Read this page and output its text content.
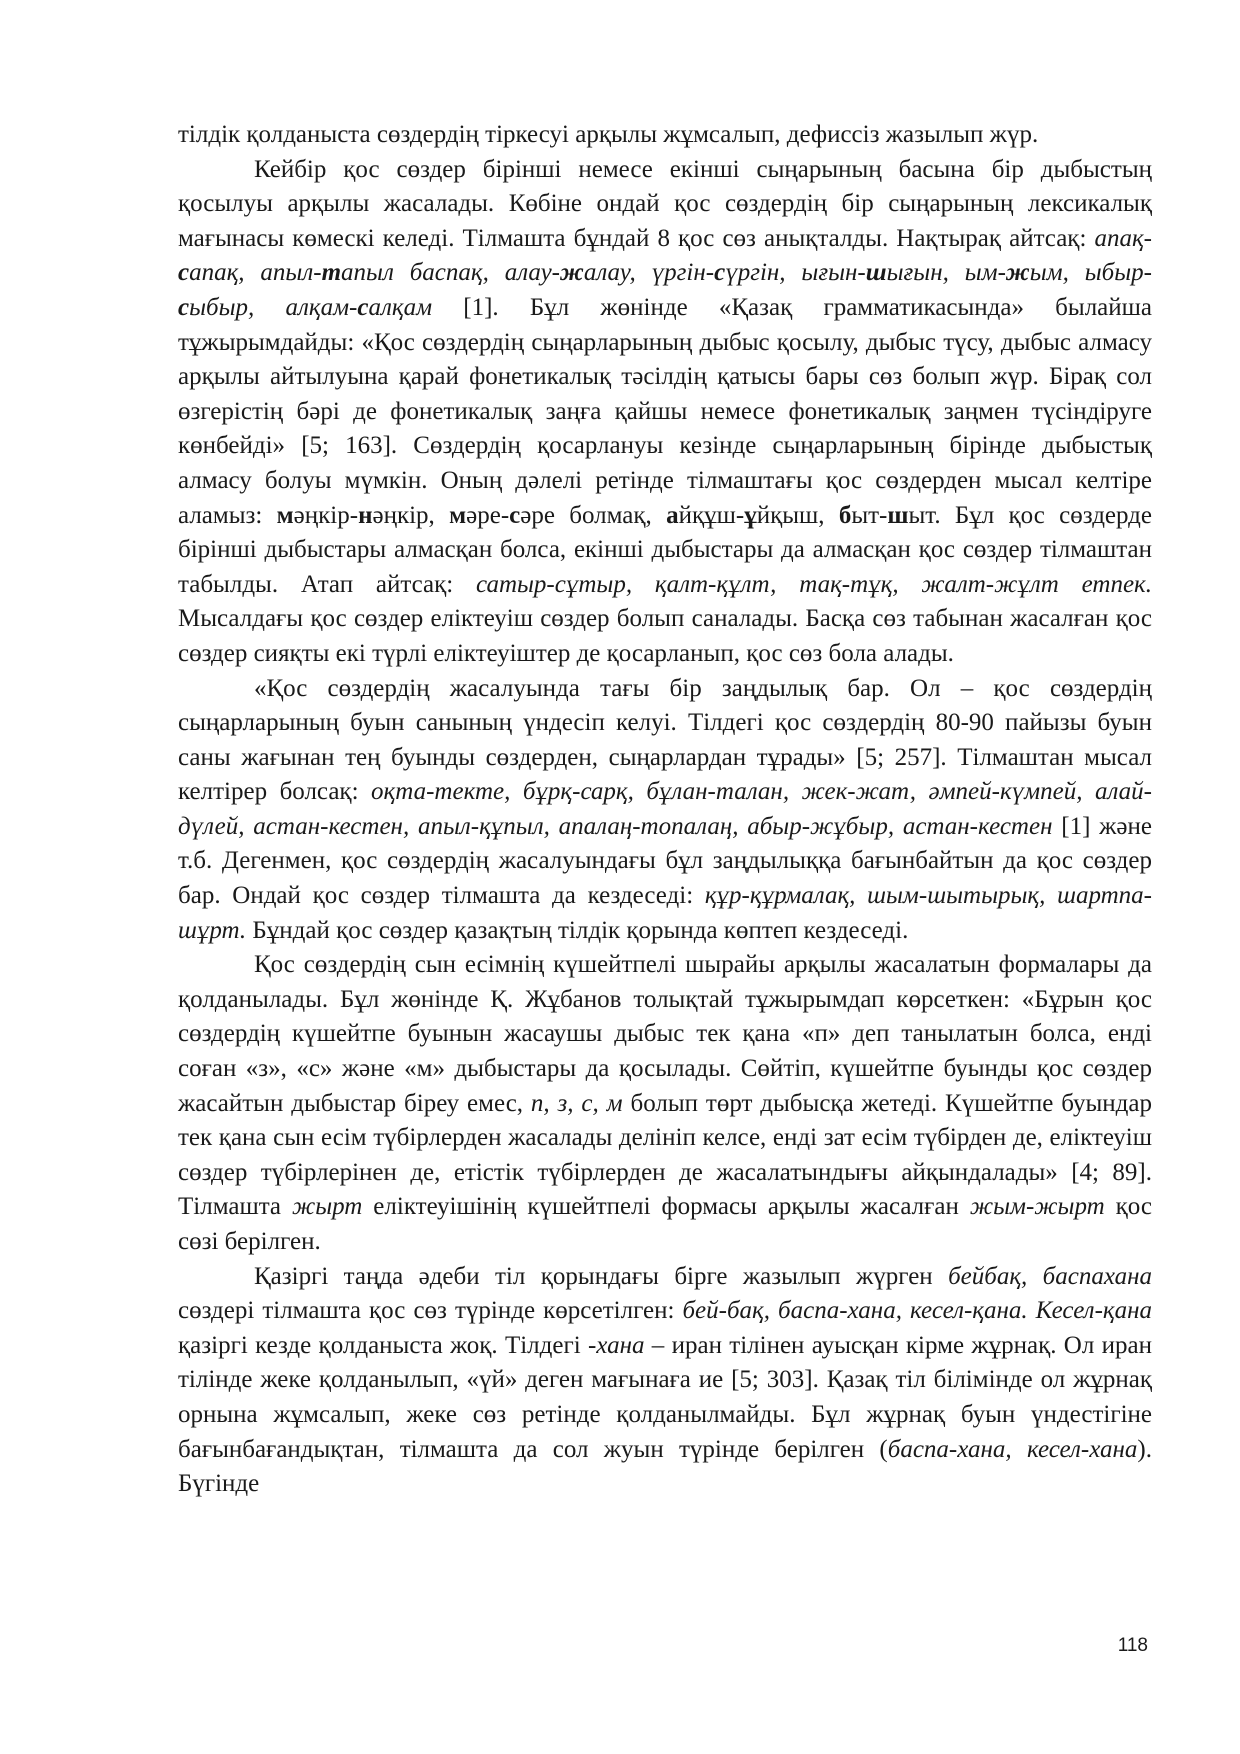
тілдік қолданыста сөздердің тіркесуі арқылы жұмсалып, дефиссіз жазылып жүр.

Кейбір қос сөздер бірінші немесе екінші сыңарының басына бір дыбыстың қосылуы арқылы жасалады. Көбіне ондай қос сөздердің бір сыңарының лексикалық мағынасы көмескі келеді. Тілмашта бұндай 8 қос сөз анықталды. Нақтырақ айтсақ: апақ-сапақ, апыл-тапыл баспақ, алау-жалау, үргін-сүргін, ығын-шығын, ым-жым, ыбыр-сыбыр, алқам-салқам [1]. Бұл жөнінде «Қазақ грамматикасында» былайша тұжырымдайды: «Қос сөздердің сыңарларының дыбыс қосылу, дыбыс түсу, дыбыс алмасу арқылы айтылуына қарай фонетикалық тәсілдің қатысы бары сөз болып жүр. Бірақ сол өзгерістің бәрі де фонетикалық заңға қайшы немесе фонетикалық заңмен түсіндіруге көнбейді» [5; 163]. Сөздердің қосарлануы кезінде сыңарларының бірінде дыбыстық алмасу болуы мүмкін. Оның дәлелі ретінде тілмаштағы қос сөздерден мысал келтіре аламыз: мәңкір-нәңкір, мәре-сәре болмақ, айқұш-ұйқыш, быт-шыт. Бұл қос сөздерде бірінші дыбыстары алмасқан болса, екінші дыбыстары да алмасқан қос сөздер тілмаштан табылды. Атап айтсақ: сатыр-сұтыр, қалт-құлт, тақ-тұқ, жалт-жұлт етпек. Мысалдағы қос сөздер еліктеуіш сөздер болып саналады. Басқа сөз табынан жасалған қос сөздер сияқты екі түрлі еліктеуіштер де қосарланып, қос сөз бола алады.

«Қос сөздердің жасалуында тағы бір заңдылық бар. Ол – қос сөздердің сыңарларының буын санының үндесіп келуі. Тілдегі қос сөздердің 80-90 пайызы буын саны жағынан тең буынды сөздерден, сыңарлардан тұрады» [5; 257]. Тілмаштан мысал келтірер болсақ: оқта-текте, бұрқ-сарқ, бұлан-талан, жек-жат, әмпей-күмпей, алай-дүлей, астан-кестен, апыл-құпыл, апалаң-топалаң, абыр-жұбыр, астан-кестен [1] және т.б. Дегенмен, қос сөздердің жасалуындағы бұл заңдылыққа бағынбайтын да қос сөздер бар. Ондай қос сөздер тілмашта да кездеседі: құр-құрмалақ, шым-шытырық, шартпа-шұрт. Бұндай қос сөздер қазақтың тілдік қорында көптеп кездеседі.

Қос сөздердің сын есімнің күшейтпелі шырайы арқылы жасалатын формалары да қолданылады. Бұл жөнінде Қ. Жұбанов толықтай тұжырымдап көрсеткен: «Бұрын қос сөздердің күшейтпе буынын жасаушы дыбыс тек қана «п» деп танылатын болса, енді соған «з», «с» және «м» дыбыстары да қосылады. Сөйтіп, күшейтпе буынды қос сөздер жасайтын дыбыстар біреу емес, п, з, с, м болып төрт дыбысқа жетеді. Күшейтпе буындар тек қана сын есім түбірлерден жасалады делініп келсе, енді зат есім түбірден де, еліктеуіш сөздер түбірлерінен де, етістік түбірлерден де жасалатындығы айқындалады» [4; 89]. Тілмашта жырт еліктеуішінің күшейтпелі формасы арқылы жасалған жым-жырт қос сөзі берілген.

Қазіргі таңда әдеби тіл қорындағы бірге жазылып жүрген бейбақ, баспахана сөздері тілмашта қос сөз түрінде көрсетілген: бей-бақ, баспа-хана, кесел-қана. Кесел-қана қазіргі кезде қолданыста жоқ. Тілдегі -хана – иран тілінен ауысқан кірме жұрнақ. Ол иран тілінде жеке қолданылып, «үй» деген мағынаға ие [5; 303]. Қазақ тіл білімінде ол жұрнақ орнына жұмсалып, жеке сөз ретінде қолданылмайды. Бұл жұрнақ буын үндестігіне бағынбағандықтан, тілмашта да сол жуын түрінде берілген (баспа-хана, кесел-хана). Бүгінде

118
